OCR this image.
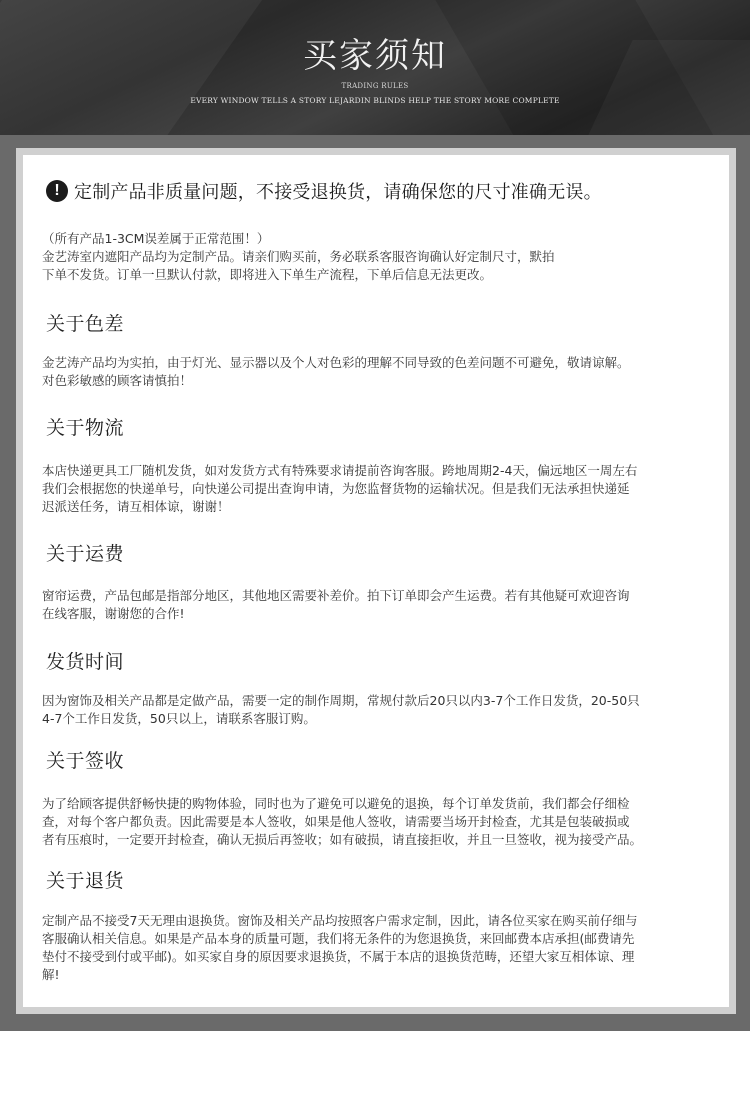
买家须知
TRADING RULES
EVERY WINDOW TELLS A STORY LEJARDIN BLINDS HELP THE STORY MORE COMPLETE
! 定制产品非质量问题，不接受退换货，请确保您的尺寸准确无误。

（所有产品1-3CM误差属于正常范围！）

金艺涛室内遮阳产品均为定制产品。请亲们购买前，务必联系客服咨询确认好定制尺寸，默拍

下单不发货。订单一旦默认付款，即将进入下单生产流程，下单后信息无法更改。

关于色差

金艺涛产品均为实拍，由于灯光、显示器以及个人对色彩的理解不同导致的色差问题不可避免，敬请谅解。

对色彩敏感的顾客请慎拍！

关于物流

本店快递更具工厂随机发货，如对发货方式有特殊要求请提前咨询客服。跨地周期2-4天，偏远地区一周左右

我们会根据您的快递单号，向快递公司提出查询申请，为您监督货物的运输状况。但是我们无法承担快递延

迟派送任务，请互相体谅，谢谢！

关于运费

窗帘运费，产品包邮是指部分地区，其他地区需要补差价。拍下订单即会产生运费。若有其他疑可欢迎咨询

在线客服，谢谢您的合作!

发货时间

因为窗饰及相关产品都是定做产品，需要一定的制作周期，常规付款后20只以内3-7个工作日发货，20-50只

4-7个工作日发货，50只以上，请联系客服订购。

关于签收

为了给顾客提供舒畅快捷的购物体验，同时也为了避免可以避免的退换，每个订单发货前，我们都会仔细检

查，对每个客户都负责。因此需要是本人签收，如果是他人签收，请需要当场开封检查，尤其是包装破损或

者有压痕时，一定要开封检查，确认无损后再签收；如有破损，请直接拒收，并且一旦签收，视为接受产品。

关于退货

定制产品不接受7天无理由退换货。窗饰及相关产品均按照客户需求定制，因此，请各位买家在购买前仔细与

客服确认相关信息。如果是产品本身的质量可题，我们将无条件的为您退换货，来回邮费本店承担(邮费请先

垫付不接受到付或平邮)。如买家自身的原因要求退换货，不属于本店的退换货范畴，还望大家互相体谅、理

解!
